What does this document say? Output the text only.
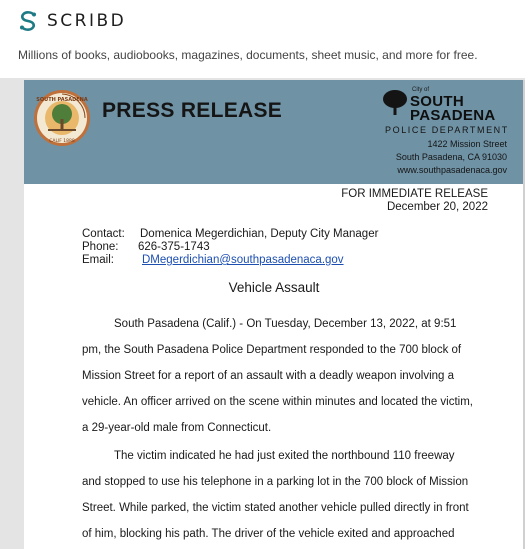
SCRIBD
Millions of books, audiobooks, magazines, documents, sheet music, and more for free.
SOUTH PASADENA
CALIF 1888
PRESS RELEASE
City of
SOUTH
PASADENA
POLICE DEPARTMENT
1422 Mission Street
South Pasadena, CA 91030
www.southpasadenaca.gov
FOR IMMEDIATE RELEASE
December 20, 2022
Contact: Domenica Megerdichian, Deputy City Manager
Phone: 626-375-1743
Email: DMegerdichian@southpasadenaca.gov
Vehicle Assault
South Pasadena (Calif.) - On Tuesday, December 13, 2022, at 9:51
pm, the South Pasadena Police Department responded to the 700 block of
Mission Street for a report of an assault with a deadly weapon involving a
vehicle. An officer arrived on the scene within minutes and located the victim,
a 29-year-old male from Connecticut.
The victim indicated he had just exited the northbound 110 freeway
and stopped to use his telephone in a parking lot in the 700 block of Mission
Street. While parked, the victim stated another vehicle pulled directly in front
of him, blocking his path. The driver of the vehicle exited and approached
